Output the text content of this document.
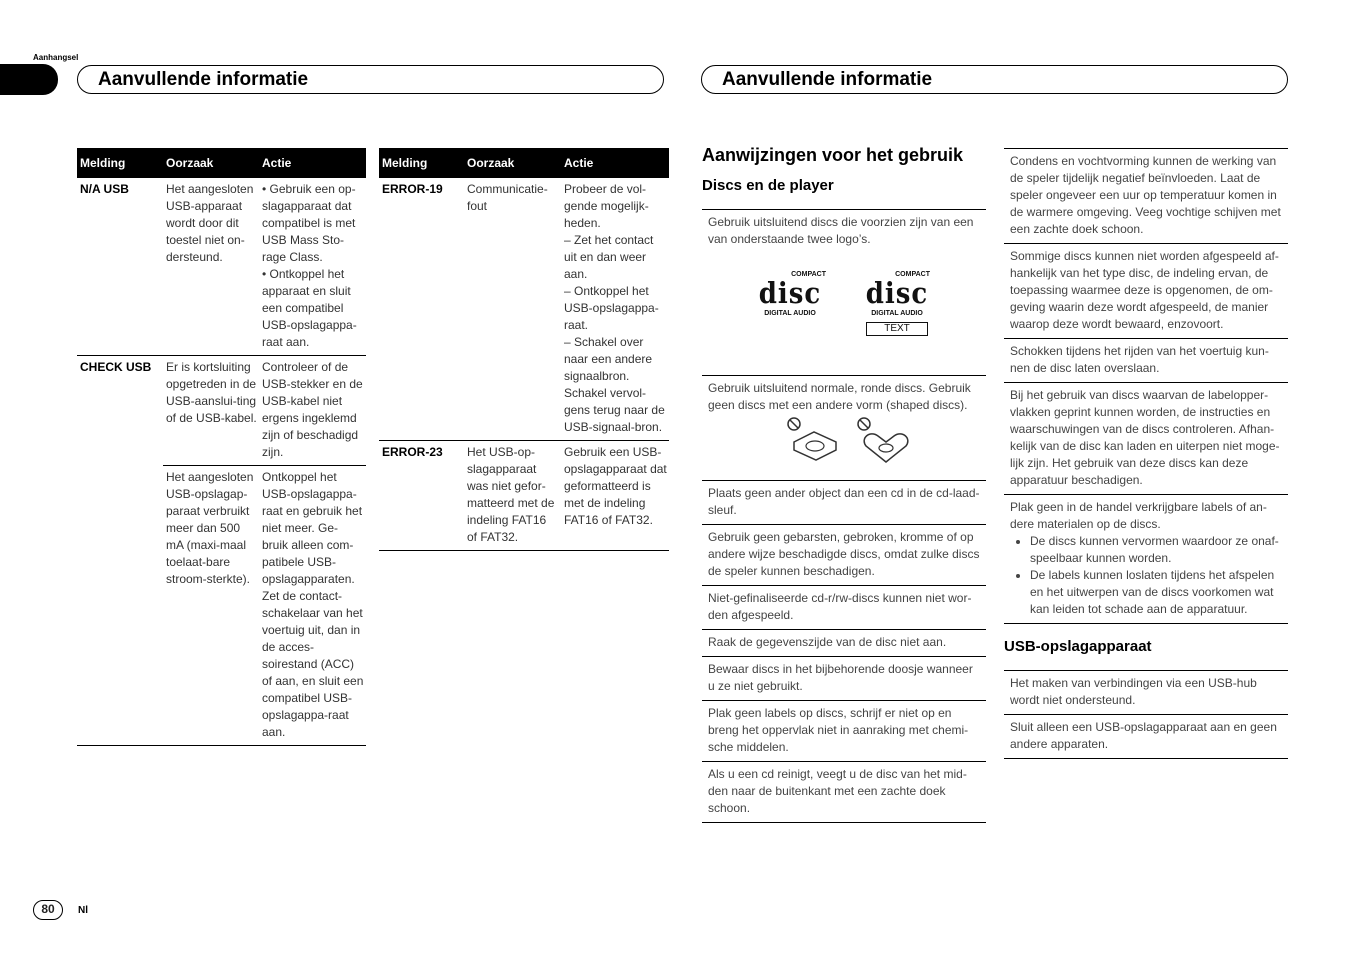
Aanhangsel
Aanvullende informatie	Aanvullende informatie
Melding	Oorzaak	Actie
N/A USB	Het aangesloten USB-apparaat wordt door dit toestel niet on-dersteund.	• Gebruik een op-slagapparaat dat compatibel is met USB Mass Sto-rage Class.
• Ontkoppel het apparaat en sluit een compatibel USB-opslagappa-raat aan.
CHECK USB	Er is kortsluiting opgetreden in de USB-aanslui-ting of de USB-kabel.	Controleer of de USB-stekker en de USB-kabel niet ergens ingeklemd zijn of beschadigd zijn.
	Het aangesloten USB-opslagap-paraat verbruikt meer dan 500 mA (maxi-maal toelaat-bare stroom-sterkte).	Ontkoppel het USB-opslagappa-raat en gebruik het niet meer. Ge-bruik alleen com-patibele USB-opslagapparaten. Zet de contact-schakelaar van het voertuig uit, dan in de acces-soirestand (ACC) of aan, en sluit een compatibel USB-opslagappa-raat aan.
Melding	Oorzaak	Actie
ERROR-19	Communicatie-fout	Probeer de vol-gende mogelijk-heden.
– Zet het contact uit en dan weer aan.
– Ontkoppel het USB-opslagappa-raat.
– Schakel over naar een andere signaalbron. Schakel vervol-gens terug naar de USB-signaal-bron.
ERROR-23	Het USB-op-slagapparaat was niet gefor-matteerd met de indeling FAT16 of FAT32.	Gebruik een USB-opslagapparaat dat geformatteerd is met de indeling FAT16 of FAT32.
Aanwijzingen voor het gebruik
Discs en de player
Gebruik uitsluitend discs die voorzien zijn van een van onderstaande twee logo’s.
COMPACT
disc
DIGITAL AUDIO
COMPACT
disc
DIGITAL AUDIO
TEXT
Gebruik uitsluitend normale, ronde discs. Gebruik geen discs met een andere vorm (shaped discs).
Plaats geen ander object dan een cd in de cd-laad-sleuf.
Gebruik geen gebarsten, gebroken, kromme of op andere wijze beschadigde discs, omdat zulke discs de speler kunnen beschadigen.
Niet-gefinaliseerde cd-r/rw-discs kunnen niet wor-den afgespeeld.
Raak de gegevenszijde van de disc niet aan.
Bewaar discs in het bijbehorende doosje wanneer u ze niet gebruikt.
Plak geen labels op discs, schrijf er niet op en breng het oppervlak niet in aanraking met chemi-sche middelen.
Als u een cd reinigt, veegt u de disc van het mid-den naar de buitenkant met een zachte doek schoon.
Condens en vochtvorming kunnen de werking van de speler tijdelijk negatief beïnvloeden. Laat de speler ongeveer een uur op temperatuur komen in de warmere omgeving. Veeg vochtige schijven met een zachte doek schoon.
Sommige discs kunnen niet worden afgespeeld af-hankelijk van het type disc, de indeling ervan, de toepassing waarmee deze is opgenomen, de om-geving waarin deze wordt afgespeeld, de manier waarop deze wordt bewaard, enzovoort.
Schokken tijdens het rijden van het voertuig kun-nen de disc laten overslaan.
Bij het gebruik van discs waarvan de labelopper-vlakken geprint kunnen worden, de instructies en waarschuwingen van de discs controleren. Afhan-kelijk van de disc kan laden en uiterpen niet moge-lijk zijn. Het gebruik van deze discs kan deze apparatuur beschadigen.
Plak geen in de handel verkrijgbare labels of an-dere materialen op de discs.
• De discs kunnen vervormen waardoor ze onaf-speelbaar kunnen worden.
• De labels kunnen loslaten tijdens het afspelen en het uitwerpen van de discs voorkomen wat kan leiden tot schade aan de apparatuur.
USB-opslagapparaat
Het maken van verbindingen via een USB-hub wordt niet ondersteund.
Sluit alleen een USB-opslagapparaat aan en geen andere apparaten.
80	Nl
